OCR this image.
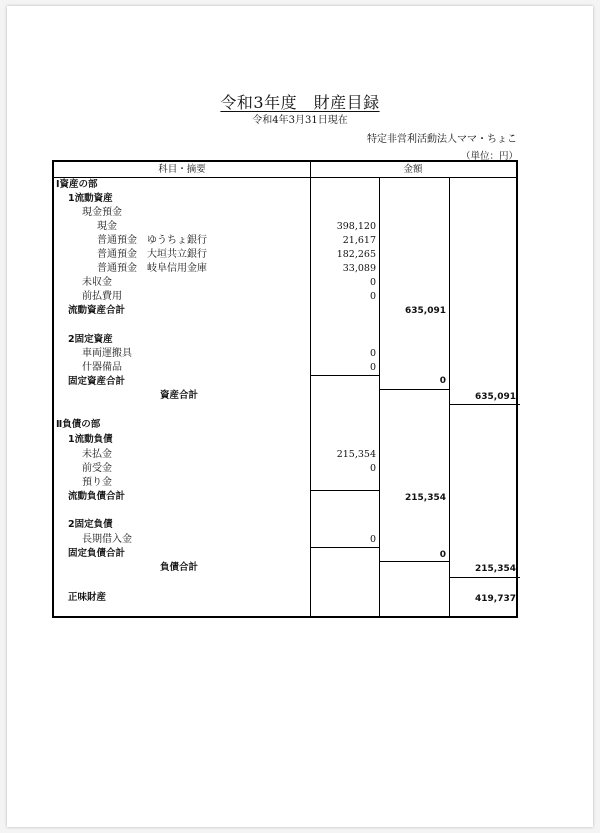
令和3年度　財産目録
令和4年3月31日現在
特定非営利活動法人ママ・ちょこ
（単位：円）
科目・摘要	金額
Ⅰ資産の部
1流動資産
現金預金
現金	398,120
普通預金　ゆうちょ銀行	21,617
普通預金　大垣共立銀行	182,265
普通預金　岐阜信用金庫	33,089
未収金	0
前払費用	0
流動資産合計	635,091
2固定資産
車両運搬具	0
什器備品	0
固定資産合計	0
資産合計	635,091
Ⅱ負債の部
1流動負債
未払金	215,354
前受金	0
預り金
流動負債合計	215,354
2固定負債
長期借入金	0
固定負債合計	0
負債合計	215,354
正味財産	419,737
